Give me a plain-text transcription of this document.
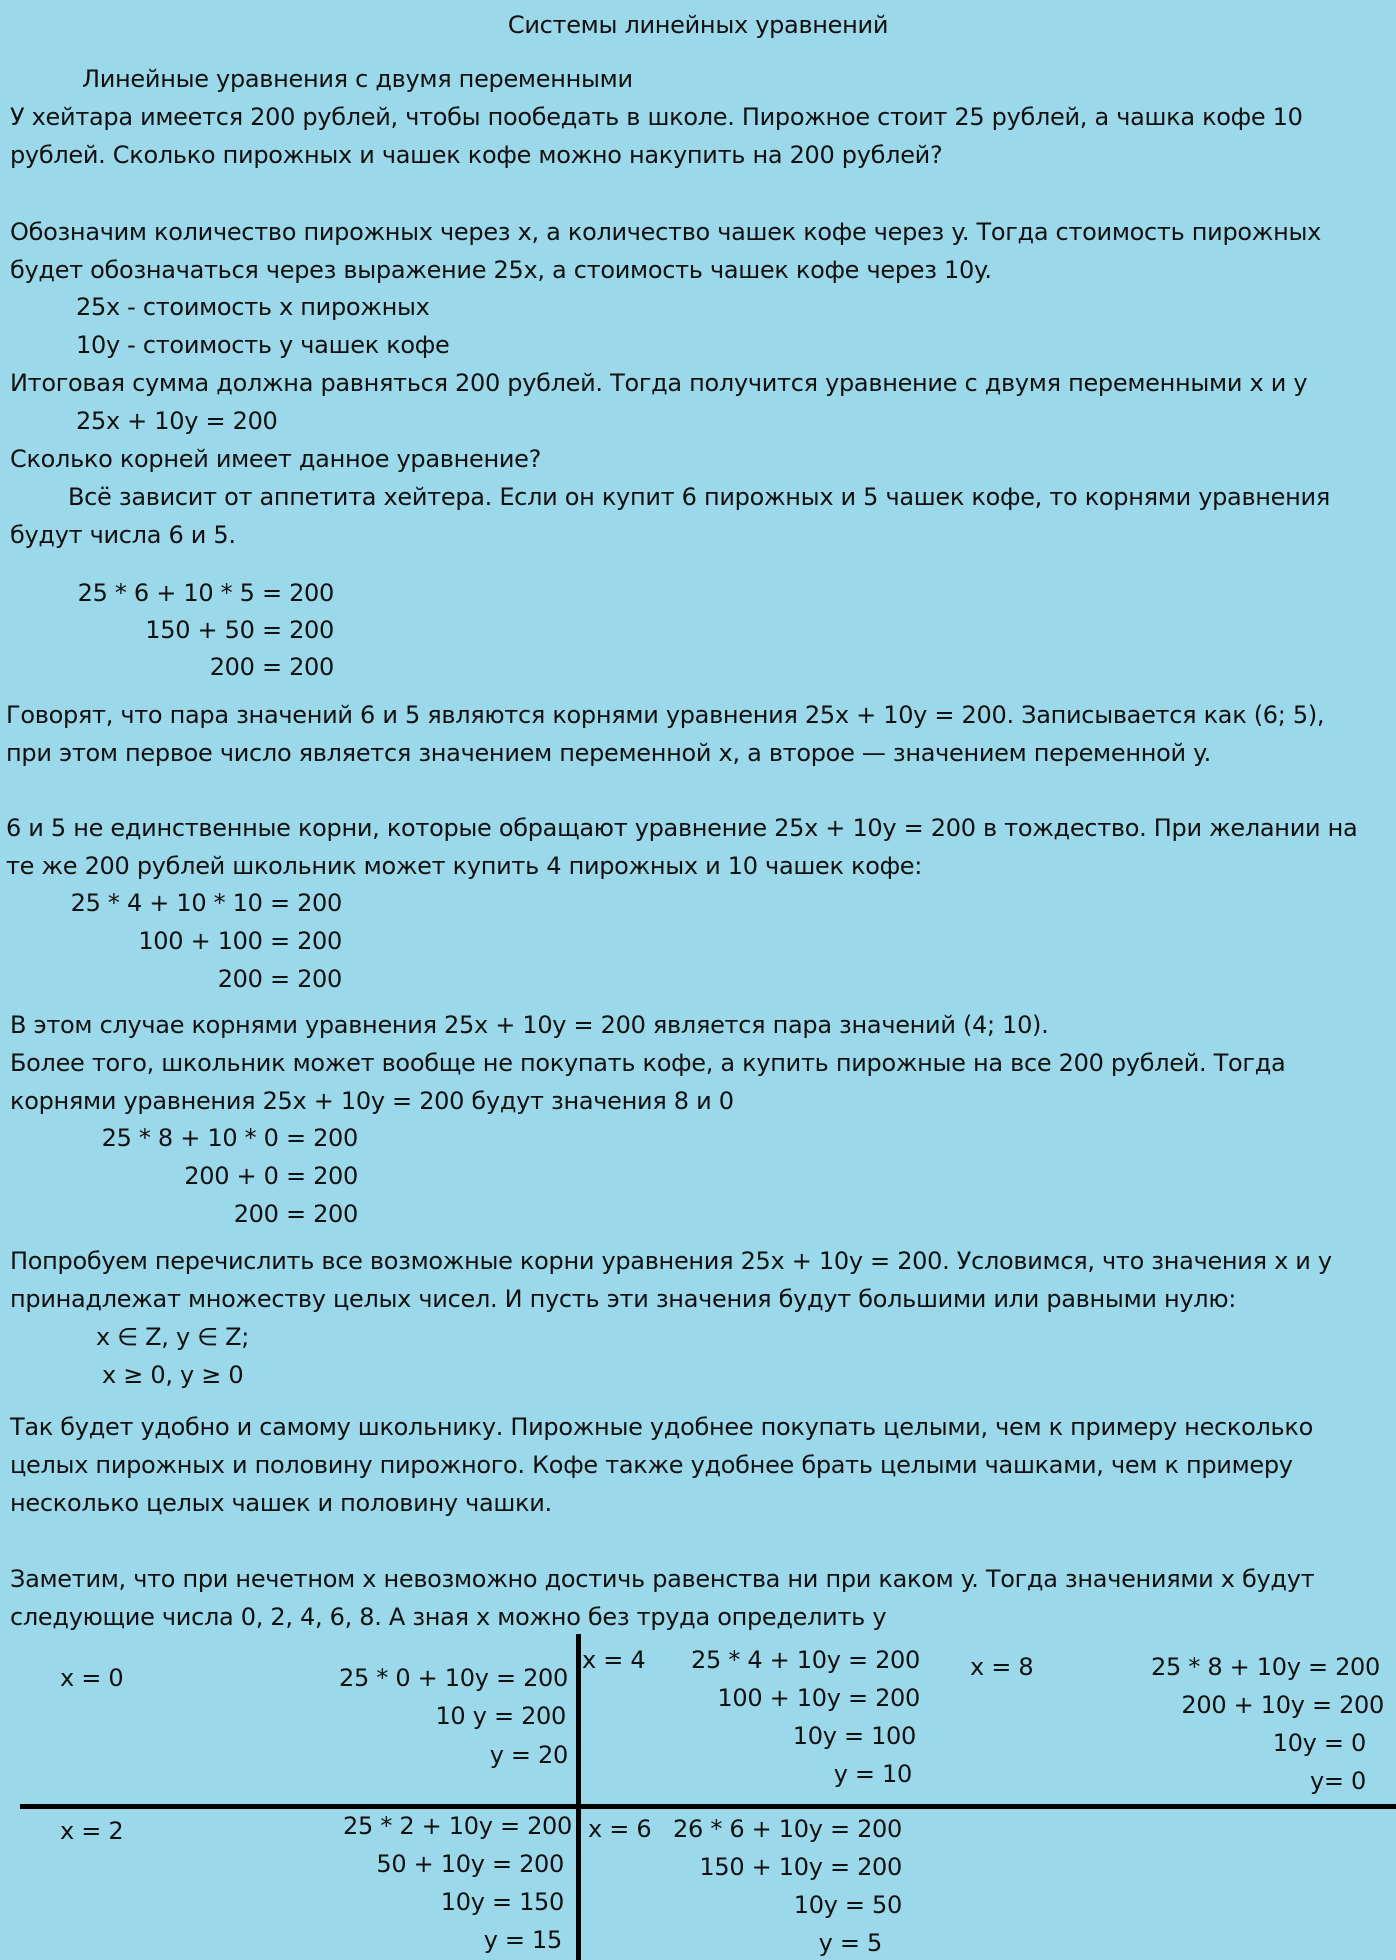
Системы линейных уравнений
Линейные уравнения с двумя переменными
У хейтара имеется 200 рублей, чтобы пообедать в школе. Пирожное стоит 25 рублей, а чашка кофе 10
рублей. Сколько пирожных и чашек кофе можно накупить на 200 рублей?
Обозначим количество пирожных через x, а количество чашек кофе через y. Тогда стоимость пирожных
будет обозначаться через выражение 25x, а стоимость чашек кофе через 10y.
25x - стоимость x пирожных
10y - стоимость y чашек кофе
Итоговая сумма должна равняться 200 рублей. Тогда получится уравнение с двумя переменными x и y
25x + 10y = 200
Сколько корней имеет данное уравнение?
Всё зависит от аппетита хейтера. Если он купит 6 пирожных и 5 чашек кофе, то корнями уравнения
будут числа 6 и 5.
25 * 6 + 10 * 5 = 200
150 + 50 = 200
200 = 200
Говорят, что пара значений 6 и 5 являются корнями уравнения 25x + 10y = 200. Записывается как (6; 5),
при этом первое число является значением переменной x, а второе — значением переменной y.
6 и 5 не единственные корни, которые обращают уравнение 25x + 10y = 200 в тождество. При желании на
те же 200 рублей школьник может купить 4 пирожных и 10 чашек кофе:
25 * 4 + 10 * 10 = 200
100 + 100 = 200
200 = 200
В этом случае корнями уравнения 25x + 10y = 200 является пара значений (4; 10).
Более того, школьник может вообще не покупать кофе, а купить пирожные на все 200 рублей. Тогда
корнями уравнения 25x + 10y = 200 будут значения 8 и 0
25 * 8 + 10 * 0 = 200
200 + 0 = 200
200 = 200
Попробуем перечислить все возможные корни уравнения 25x + 10y = 200. Условимся, что значения x и y
принадлежат множеству целых чисел. И пусть эти значения будут большими или равными нулю:
x ∈ Z, y ∈ Z;
x ≥ 0, y ≥ 0
Так будет удобно и самому школьнику. Пирожные удобнее покупать целыми, чем к примеру несколько
целых пирожных и половину пирожного. Кофе также удобнее брать целыми чашками, чем к примеру
несколько целых чашек и половину чашки.
Заметим, что при нечетном x невозможно достичь равенства ни при каком y. Тогда значениями x будут
следующие числа 0, 2, 4, 6, 8. А зная x можно без труда определить y
x = 0	25 * 0 + 10y = 200
10 y = 200
y = 20
x = 4 25 * 4 + 10y = 200
100 + 10y = 200
10y = 100
y = 10
x = 8	25 * 8 + 10y = 200
200 + 10y = 200
10y = 0
y= 0
x = 2	25 * 2 + 10y = 200
50 + 10y = 200
10y = 150
y = 15
x = 6 26 * 6 + 10y = 200
150 + 10y = 200
10y = 50
y = 5
